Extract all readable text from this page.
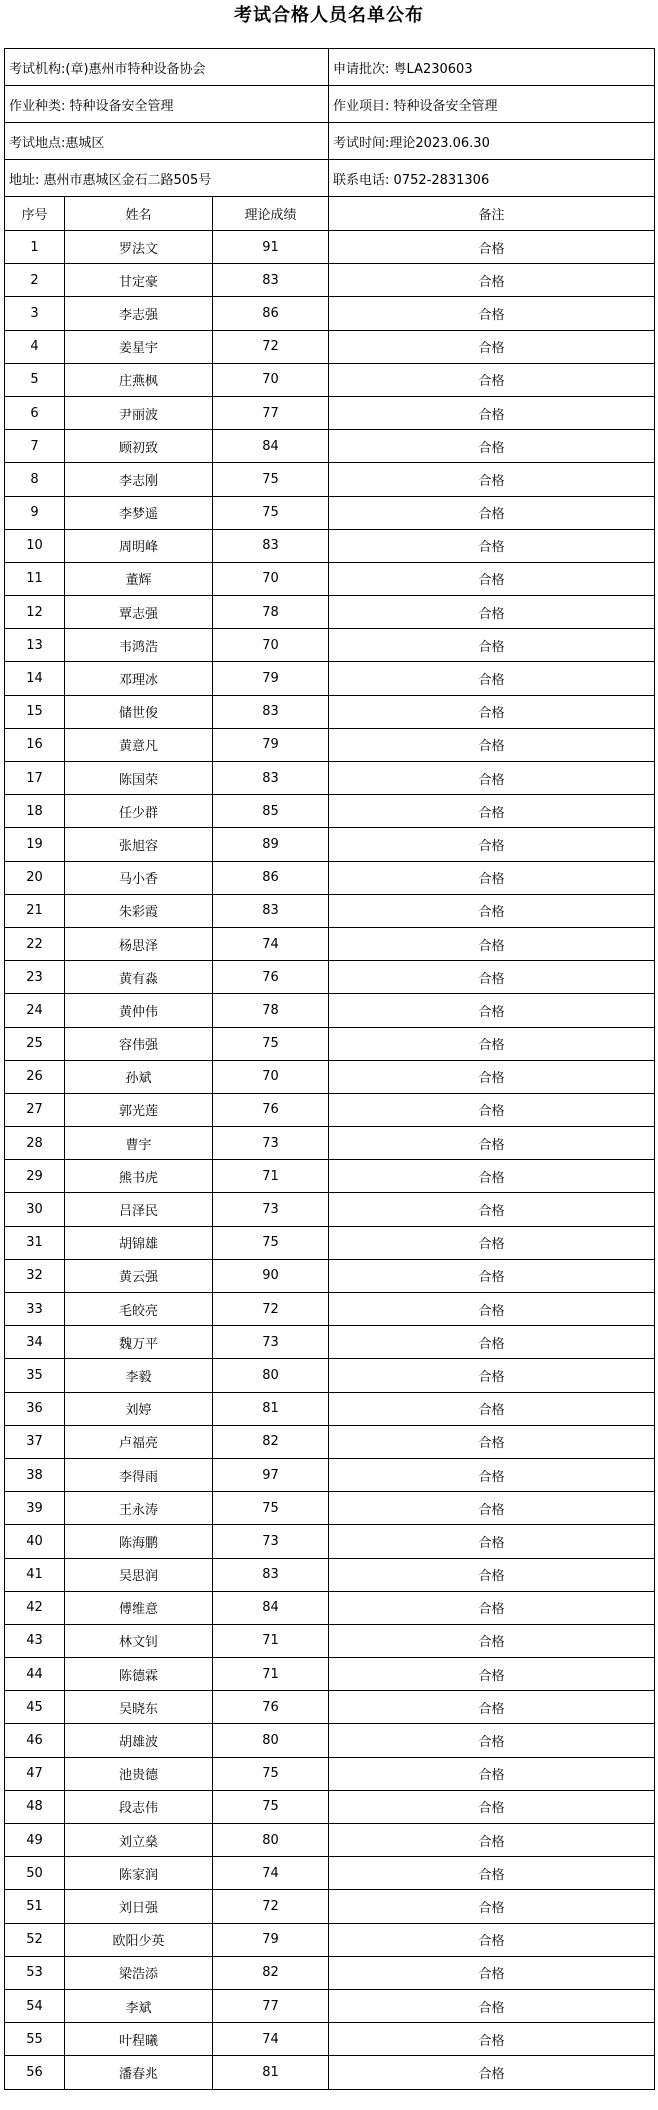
考试合格人员名单公布
考试机构:(章)惠州市特种设备协会			申请批次: 粤LA230603
作业种类: 特种设备安全管理			作业项目: 特种设备安全管理
考试地点:惠城区			考试时间:理论2023.06.30
地址: 惠州市惠城区金石二路505号			联系电话: 0752-2831306
序号	姓名	理论成绩	备注
1	罗法文	91	合格
2	甘定豪	83	合格
3	李志强	86	合格
4	姜星宇	72	合格
5	庄燕枫	70	合格
6	尹丽波	77	合格
7	顾初致	84	合格
8	李志刚	75	合格
9	李梦遥	75	合格
10	周明峰	83	合格
11	董辉	70	合格
12	覃志强	78	合格
13	韦鸿浩	70	合格
14	邓理冰	79	合格
15	储世俊	83	合格
16	黄意凡	79	合格
17	陈国荣	83	合格
18	任少群	85	合格
19	张旭容	89	合格
20	马小香	86	合格
21	朱彩霞	83	合格
22	杨思泽	74	合格
23	黄有淼	76	合格
24	黄仲伟	78	合格
25	容伟强	75	合格
26	孙斌	70	合格
27	郭光莲	76	合格
28	曹宇	73	合格
29	熊书虎	71	合格
30	吕泽民	73	合格
31	胡锦雄	75	合格
32	黄云强	90	合格
33	毛皎亮	72	合格
34	魏万平	73	合格
35	李毅	80	合格
36	刘婷	81	合格
37	卢福亮	82	合格
38	李得雨	97	合格
39	王永涛	75	合格
40	陈海鹏	73	合格
41	吴思润	83	合格
42	傅维意	84	合格
43	林文钊	71	合格
44	陈德霖	71	合格
45	吴晓东	76	合格
46	胡雄波	80	合格
47	池贵德	75	合格
48	段志伟	75	合格
49	刘立燊	80	合格
50	陈家润	74	合格
51	刘日强	72	合格
52	欧阳少英	79	合格
53	梁浩添	82	合格
54	李斌	77	合格
55	叶程曦	74	合格
56	潘春兆	81	合格
